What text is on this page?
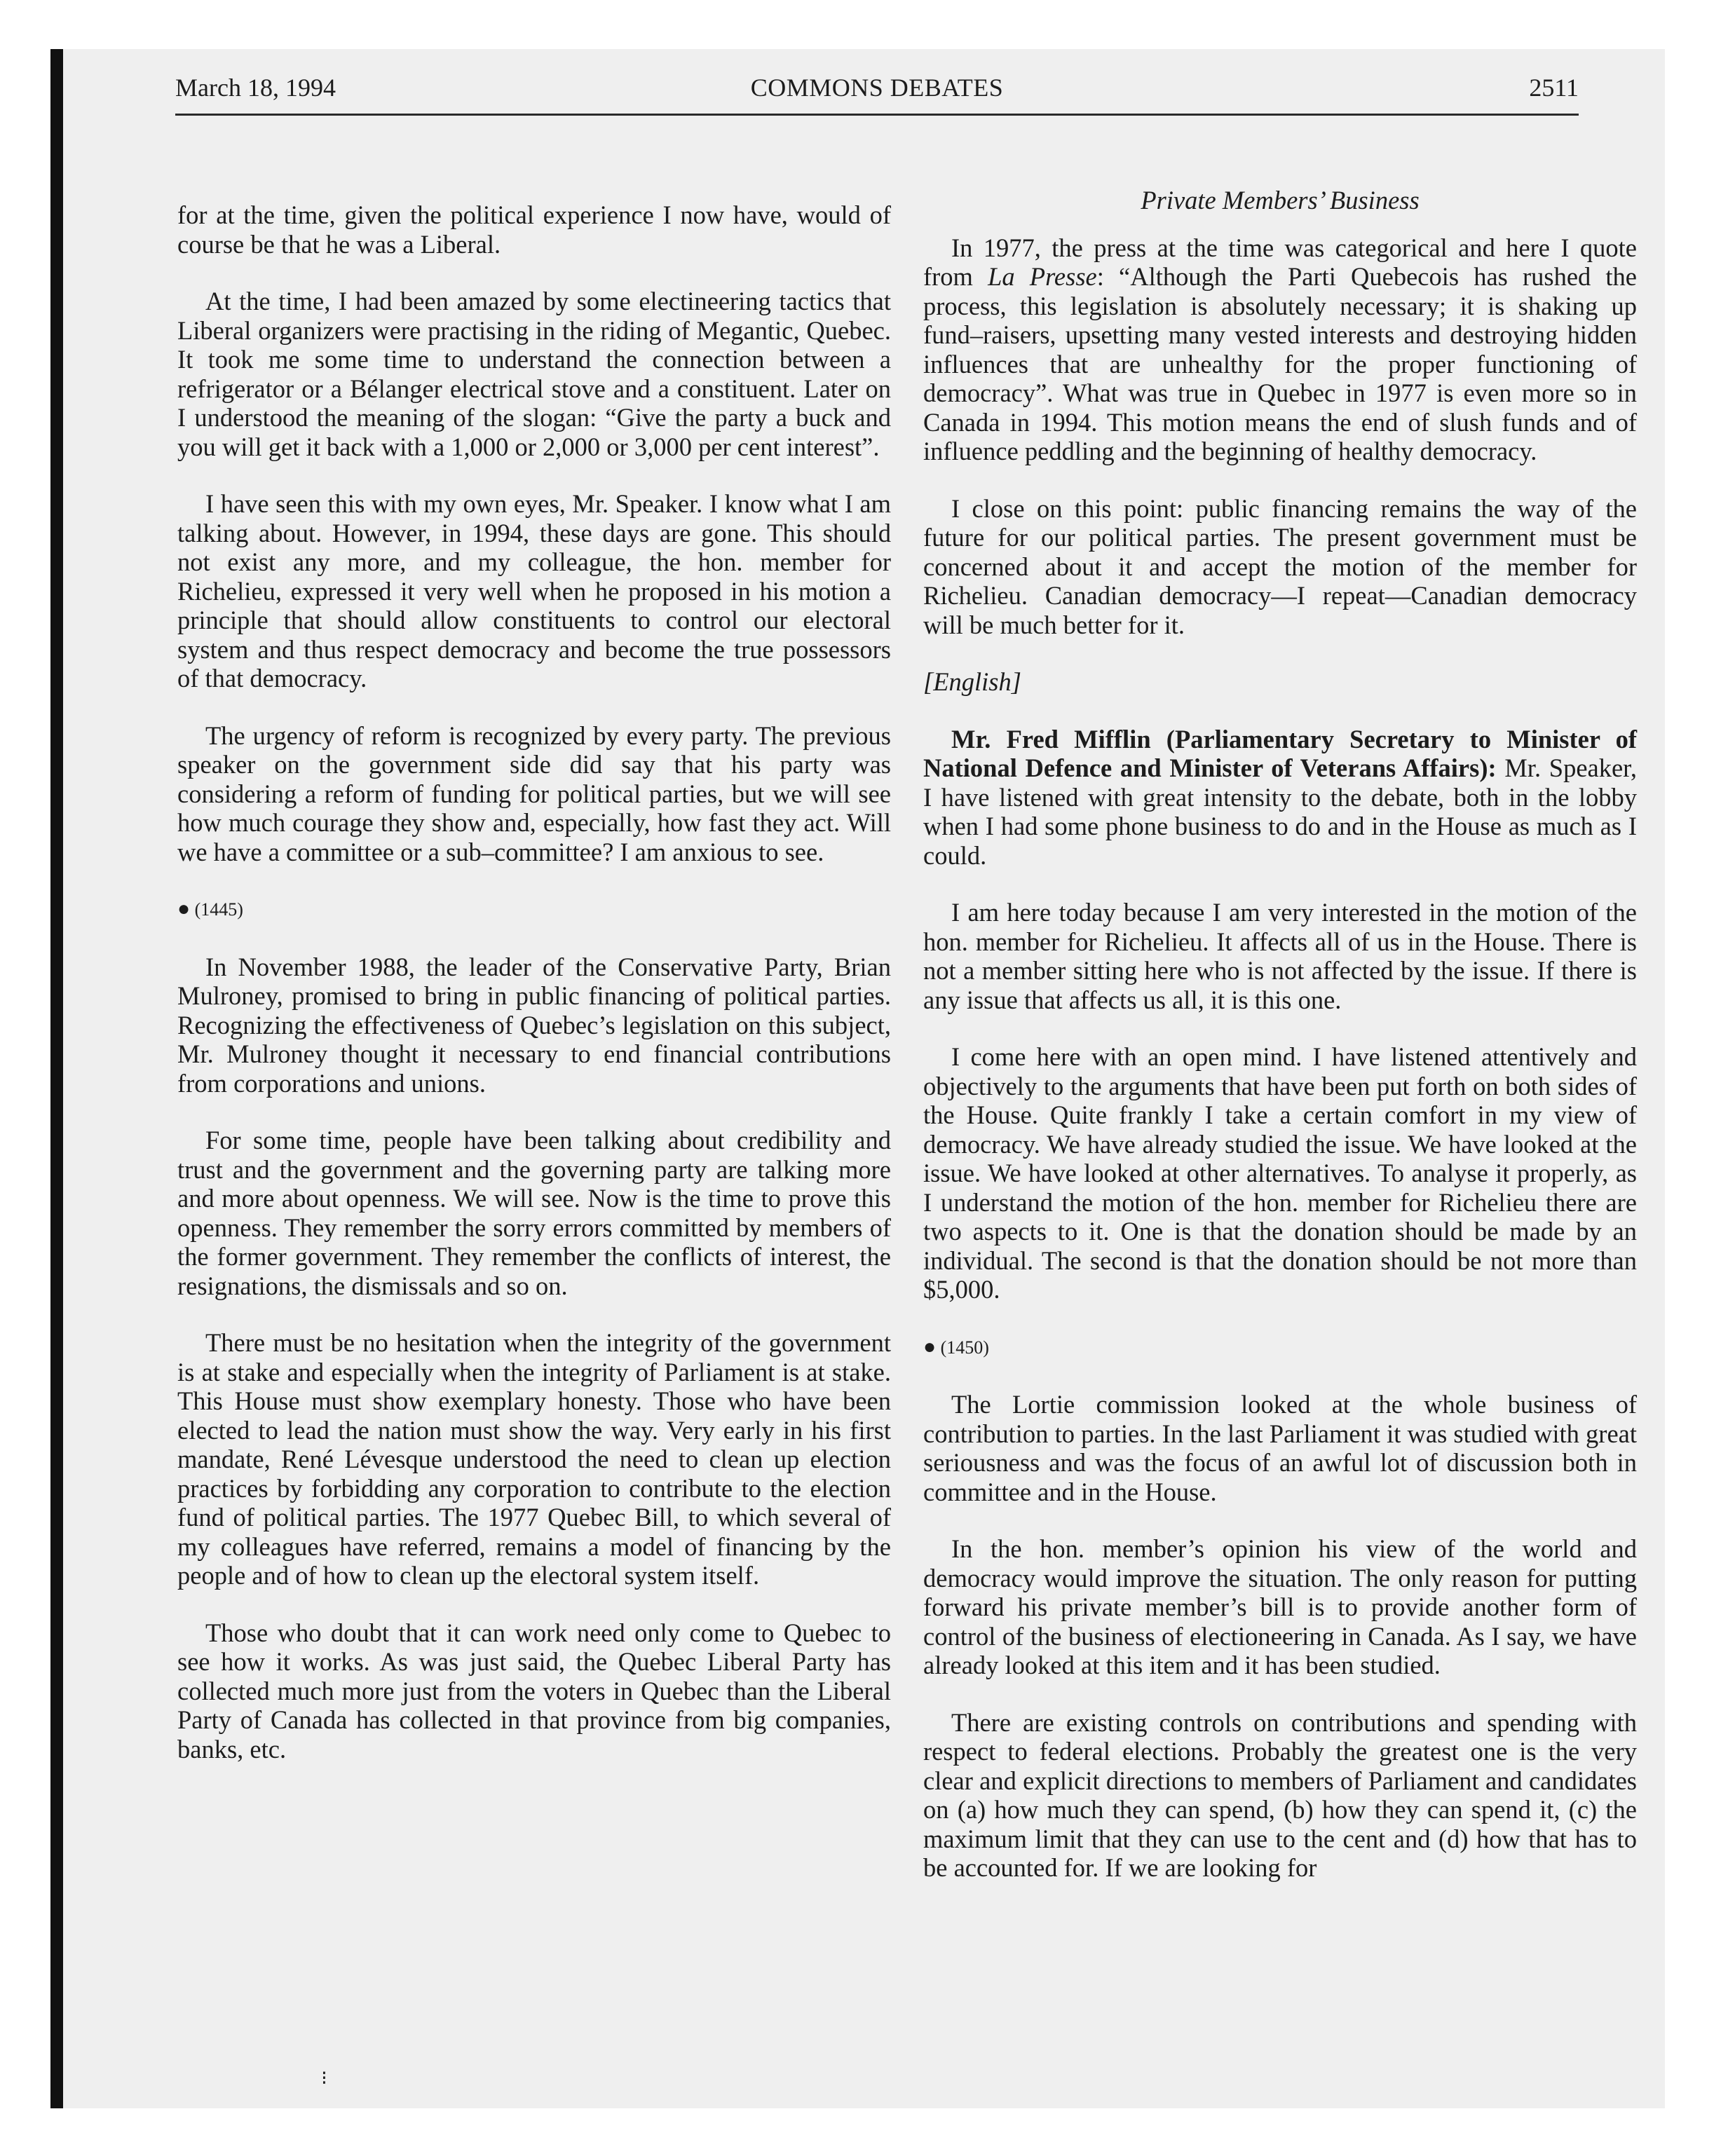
March 18, 1994	COMMONS DEBATES	2511

for at the time, given the political experience I now have, would of course be that he was a Liberal.

At the time, I had been amazed by some electineering tactics that Liberal organizers were practising in the riding of Megantic, Quebec. It took me some time to understand the connection between a refrigerator or a Bélanger electrical stove and a constituent. Later on I understood the meaning of the slogan: “Give the party a buck and you will get it back with a 1,000 or 2,000 or 3,000 per cent interest”.

I have seen this with my own eyes, Mr. Speaker. I know what I am talking about. However, in 1994, these days are gone. This should not exist any more, and my colleague, the hon. member for Richelieu, expressed it very well when he proposed in his motion a principle that should allow constituents to control our electoral system and thus respect democracy and become the true possessors of that democracy.

The urgency of reform is recognized by every party. The previous speaker on the government side did say that his party was considering a reform of funding for political parties, but we will see how much courage they show and, especially, how fast they act. Will we have a committee or a sub–committee? I am anxious to see.

● (1445)

In November 1988, the leader of the Conservative Party, Brian Mulroney, promised to bring in public financing of political parties. Recognizing the effectiveness of Quebec’s legislation on this subject, Mr. Mulroney thought it necessary to end financial contributions from corporations and unions.

For some time, people have been talking about credibility and trust and the government and the governing party are talking more and more about openness. We will see. Now is the time to prove this openness. They remember the sorry errors committed by members of the former government. They remember the conflicts of interest, the resignations, the dismissals and so on.

There must be no hesitation when the integrity of the government is at stake and especially when the integrity of Parliament is at stake. This House must show exemplary honesty. Those who have been elected to lead the nation must show the way. Very early in his first mandate, René Lévesque understood the need to clean up election practices by forbidding any corporation to contribute to the election fund of political parties. The 1977 Quebec Bill, to which several of my colleagues have referred, remains a model of financing by the people and of how to clean up the electoral system itself.

Those who doubt that it can work need only come to Quebec to see how it works. As was just said, the Quebec Liberal Party has collected much more just from the voters in Quebec than the Liberal Party of Canada has collected in that province from big companies, banks, etc.

Private Members’ Business

In 1977, the press at the time was categorical and here I quote from La Presse: “Although the Parti Quebecois has rushed the process, this legislation is absolutely necessary; it is shaking up fund–raisers, upsetting many vested interests and destroying hidden influences that are unhealthy for the proper functioning of democracy”. What was true in Quebec in 1977 is even more so in Canada in 1994. This motion means the end of slush funds and of influence peddling and the beginning of healthy democracy.

I close on this point: public financing remains the way of the future for our political parties. The present government must be concerned about it and accept the motion of the member for Richelieu. Canadian democracy—I repeat—Canadian democracy will be much better for it.

[English]

Mr. Fred Mifflin (Parliamentary Secretary to Minister of National Defence and Minister of Veterans Affairs): Mr. Speaker, I have listened with great intensity to the debate, both in the lobby when I had some phone business to do and in the House as much as I could.

I am here today because I am very interested in the motion of the hon. member for Richelieu. It affects all of us in the House. There is not a member sitting here who is not affected by the issue. If there is any issue that affects us all, it is this one.

I come here with an open mind. I have listened attentively and objectively to the arguments that have been put forth on both sides of the House. Quite frankly I take a certain comfort in my view of democracy. We have already studied the issue. We have looked at the issue. We have looked at other alternatives. To analyse it properly, as I understand the motion of the hon. member for Richelieu there are two aspects to it. One is that the donation should be made by an individual. The second is that the donation should be not more than $5,000.

● (1450)

The Lortie commission looked at the whole business of contribution to parties. In the last Parliament it was studied with great seriousness and was the focus of an awful lot of discussion both in committee and in the House.

In the hon. member’s opinion his view of the world and democracy would improve the situation. The only reason for putting forward his private member’s bill is to provide another form of control of the business of electioneering in Canada. As I say, we have already looked at this item and it has been studied.

There are existing controls on contributions and spending with respect to federal elections. Probably the greatest one is the very clear and explicit directions to members of Parliament and candidates on (a) how much they can spend, (b) how they can spend it, (c) the maximum limit that they can use to the cent and (d) how that has to be accounted for. If we are looking for

⁝
